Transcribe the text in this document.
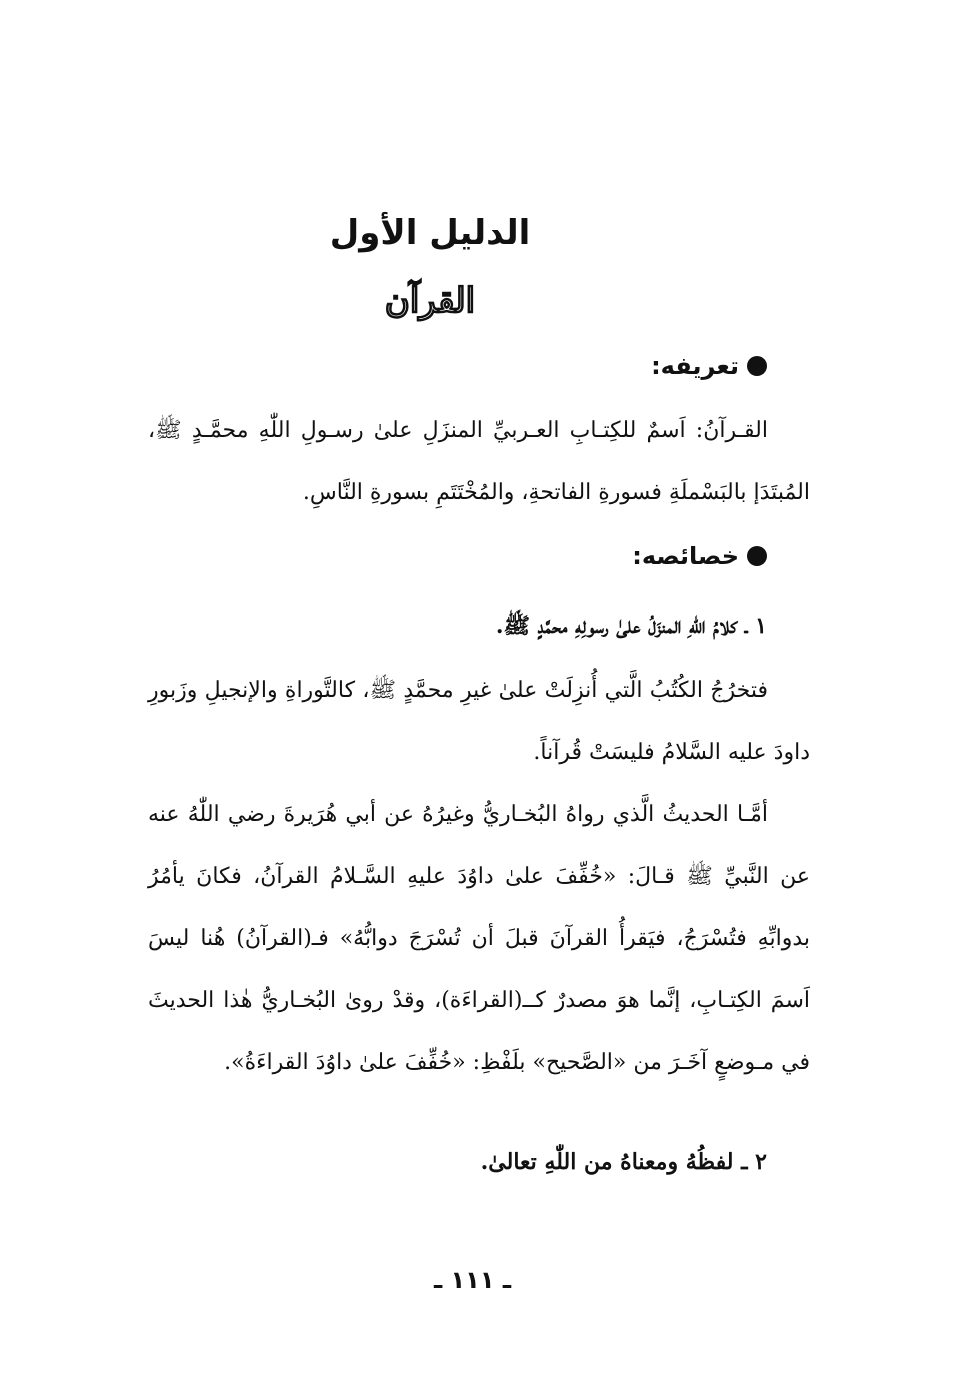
الدليل الأول
القرآن
تعريفه:

القـرآنُ: اَسمٌ للكِتـابِ العـربيِّ المنزَلِ علىٰ رسـولِ اللّٰهِ محمَّـدٍ ﷺ، المُبتَدَإ بالبَسْملَةِ فسورةِ الفاتحةِ، والمُخْتَتَمِ بسورةِ النَّاسِ.

خصائصه:
١ ـ كلامُ اللّٰهِ المنزَلُ علىٰ رسولِهِ محمَّدٍ ﷺ.

فتخرُجُ الكُتُبُ الَّتي أُنزِلَتْ علىٰ غيرِ محمَّدٍ ﷺ، كالتَّوراةِ والإنجيلِ وزَبورِ داودَ عليه السَّلامُ فليسَتْ قُرآناً.

أمَّـا الحديثُ الَّذي رواهُ البُخـاريُّ وغيرُهُ عن أبي هُرَيرةَ رضي اللّٰهُ عنه عن النَّبيِّ ﷺ قـالَ: «خُفِّفَ علىٰ داوُدَ عليهِ السَّـلامُ القرآنُ، فكانَ يأمُرُ بدوابِّهِ فتُسْرَجُ، فيَقرأُ القرآنَ قبلَ أن تُسْرَجَ دوابُّهُ» فـ(القرآنُ) هُنا ليسَ اَسمَ الكِتـابِ، إنَّما هوَ مصدرٌ كــ(القراءَة)، وقدْ روىٰ البُخـاريُّ هٰذا الحديثَ في مـوضعٍ آخَـرَ من «الصَّحيح» بلَفْظِ: «خُفِّفَ علىٰ داوُدَ القراءَةُ».

٢ ـ لفظُهُ ومعناهُ من اللّٰهِ تعالىٰ.
ـ ١١١ ـ
